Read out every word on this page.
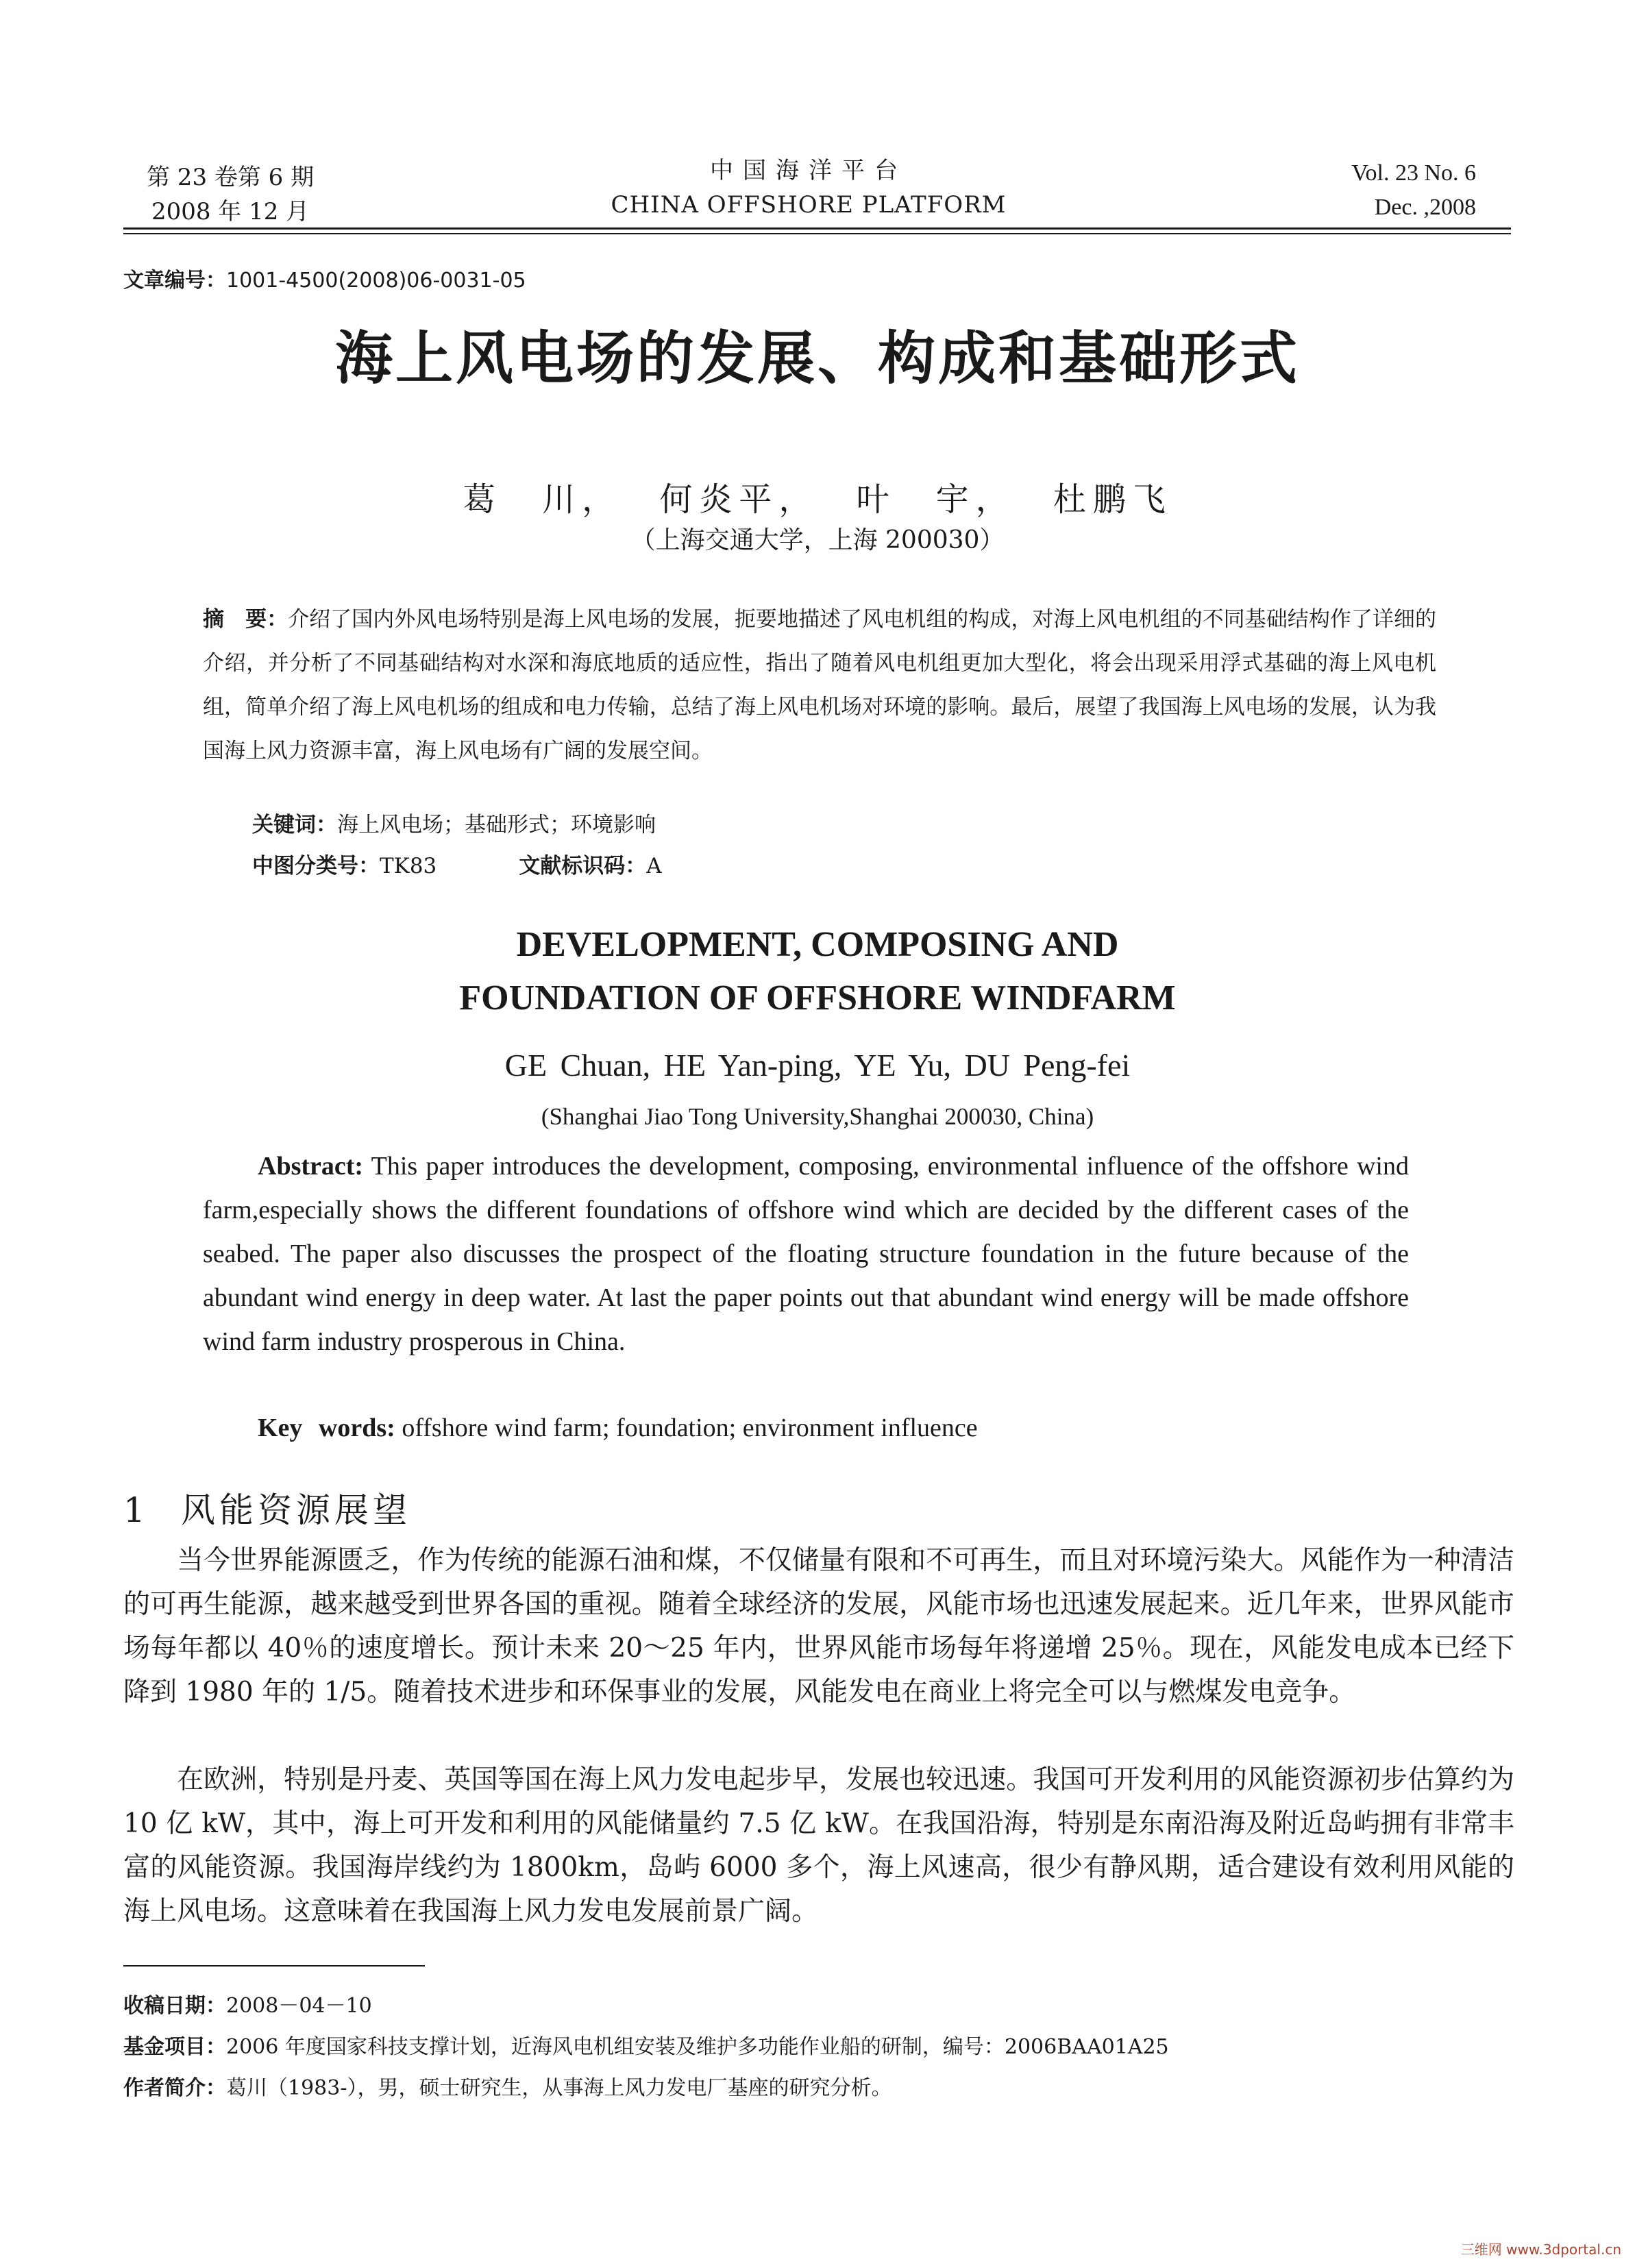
第 23 卷第 6 期
2008 年 12 月
中国海洋平台
CHINA OFFSHORE PLATFORM
Vol. 23 No. 6
Dec. ,2008
文章编号：1001-4500(2008)06-0031-05
海上风电场的发展、构成和基础形式
葛　川， 何炎平， 叶　宇， 杜鹏飞
（上海交通大学，上海 200030）
摘　要：介绍了国内外风电场特别是海上风电场的发展，扼要地描述了风电机组的构成，对海上风电机组的不同基础结构作了详细的介绍，并分析了不同基础结构对水深和海底地质的适应性，指出了随着风电机组更加大型化，将会出现采用浮式基础的海上风电机组，简单介绍了海上风电机场的组成和电力传输，总结了海上风电机场对环境的影响。最后，展望了我国海上风电场的发展，认为我国海上风力资源丰富，海上风电场有广阔的发展空间。
关键词：海上风电场；基础形式；环境影响
中图分类号：TK83	文献标识码：A
DEVELOPMENT, COMPOSING AND
FOUNDATION OF OFFSHORE WINDFARM
GE Chuan, HE Yan-ping, YE Yu, DU Peng-fei
(Shanghai Jiao Tong University,Shanghai 200030, China)
Abstract: This paper introduces the development, composing, environmental influence of the offshore wind farm,especially shows the different foundations of offshore wind which are decided by the different cases of the seabed. The paper also discusses the prospect of the floating structure foundation in the future because of the abundant wind energy in deep water. At last the paper points out that abundant wind energy will be made offshore wind farm industry prosperous in China.
Key words: offshore wind farm; foundation; environment influence
1 风能资源展望
当今世界能源匮乏，作为传统的能源石油和煤，不仅储量有限和不可再生，而且对环境污染大。风能作为一种清洁的可再生能源，越来越受到世界各国的重视。随着全球经济的发展，风能市场也迅速发展起来。近几年来，世界风能市场每年都以 40％的速度增长。预计未来 20～25 年内，世界风能市场每年将递增 25％。现在，风能发电成本已经下降到 1980 年的 1/5。随着技术进步和环保事业的发展，风能发电在商业上将完全可以与燃煤发电竞争。
在欧洲，特别是丹麦、英国等国在海上风力发电起步早，发展也较迅速。我国可开发利用的风能资源初步估算约为 10 亿 kW，其中，海上可开发和利用的风能储量约 7.5 亿 kW。在我国沿海，特别是东南沿海及附近岛屿拥有非常丰富的风能资源。我国海岸线约为 1800km，岛屿 6000 多个，海上风速高，很少有静风期，适合建设有效利用风能的海上风电场。这意味着在我国海上风力发电发展前景广阔。
收稿日期：2008－04－10
基金项目：2006 年度国家科技支撑计划，近海风电机组安装及维护多功能作业船的研制，编号：2006BAA01A25
作者简介：葛川（1983-），男，硕士研究生，从事海上风力发电厂基座的研究分析。
三维网 www.3dportal.cn
